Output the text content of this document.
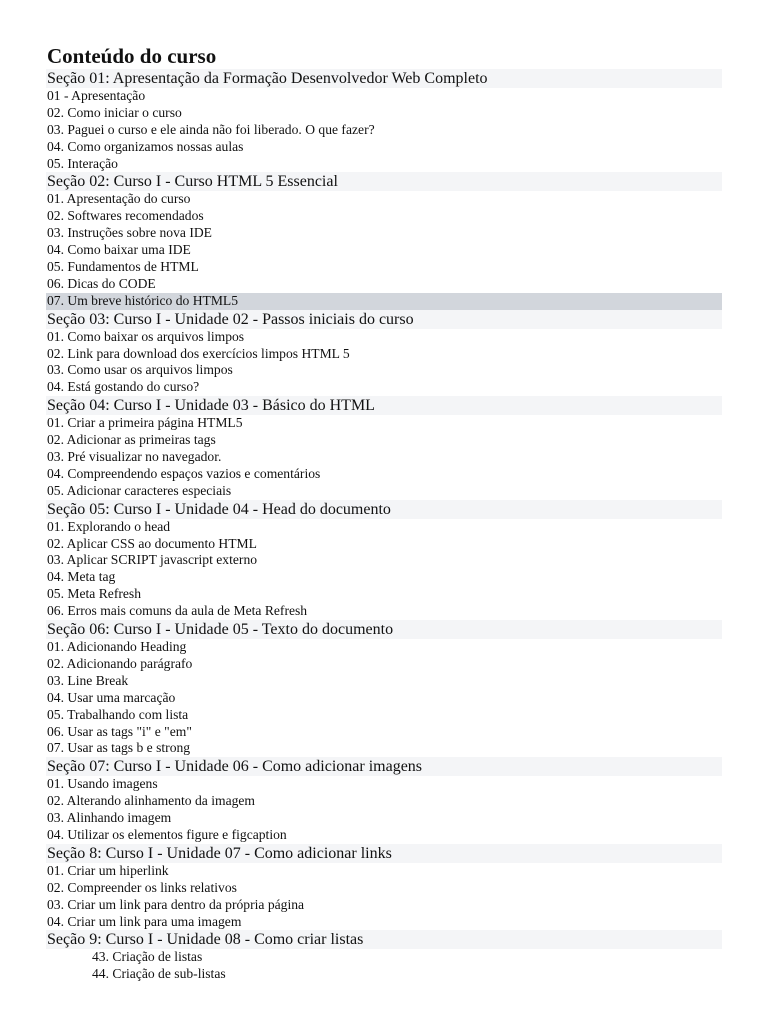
Conteúdo do curso
Seção 01: Apresentação da Formação Desenvolvedor Web Completo
01 - Apresentação
02. Como iniciar o curso
03. Paguei o curso e ele ainda não foi liberado. O que fazer?
04. Como organizamos nossas aulas
05. Interação
Seção 02: Curso I - Curso HTML 5 Essencial
01. Apresentação do curso
02. Softwares recomendados
03. Instruções sobre nova IDE
04. Como baixar uma IDE
05. Fundamentos de HTML
06. Dicas do CODE
07. Um breve histórico do HTML5
Seção 03: Curso I - Unidade 02 - Passos iniciais do curso
01. Como baixar os arquivos limpos
02. Link para download dos exercícios limpos HTML 5
03. Como usar os arquivos limpos
04. Está gostando do curso?
Seção 04: Curso I - Unidade 03 - Básico do HTML
01. Criar a primeira página HTML5
02. Adicionar as primeiras tags
03. Pré visualizar no navegador.
04. Compreendendo espaços vazios e comentários
05. Adicionar caracteres especiais
Seção 05: Curso I - Unidade 04 - Head do documento
01. Explorando o head
02. Aplicar CSS ao documento HTML
03. Aplicar SCRIPT javascript externo
04. Meta tag
05. Meta Refresh
06. Erros mais comuns da aula de Meta Refresh
Seção 06: Curso I - Unidade 05 - Texto do documento
01. Adicionando Heading
02. Adicionando parágrafo
03. Line Break
04. Usar uma marcação
05. Trabalhando com lista
06. Usar as tags "i" e "em"
07. Usar as tags b e strong
Seção 07: Curso I - Unidade 06 - Como adicionar imagens
01. Usando imagens
02. Alterando alinhamento da imagem
03. Alinhando imagem
04. Utilizar os elementos figure e figcaption
Seção 8: Curso I - Unidade 07 - Como adicionar links
01. Criar um hiperlink
02. Compreender os links relativos
03. Criar um link para dentro da própria página
04. Criar um link para uma imagem
Seção 9: Curso I - Unidade 08 - Como criar listas
43. Criação de listas
44. Criação de sub-listas
